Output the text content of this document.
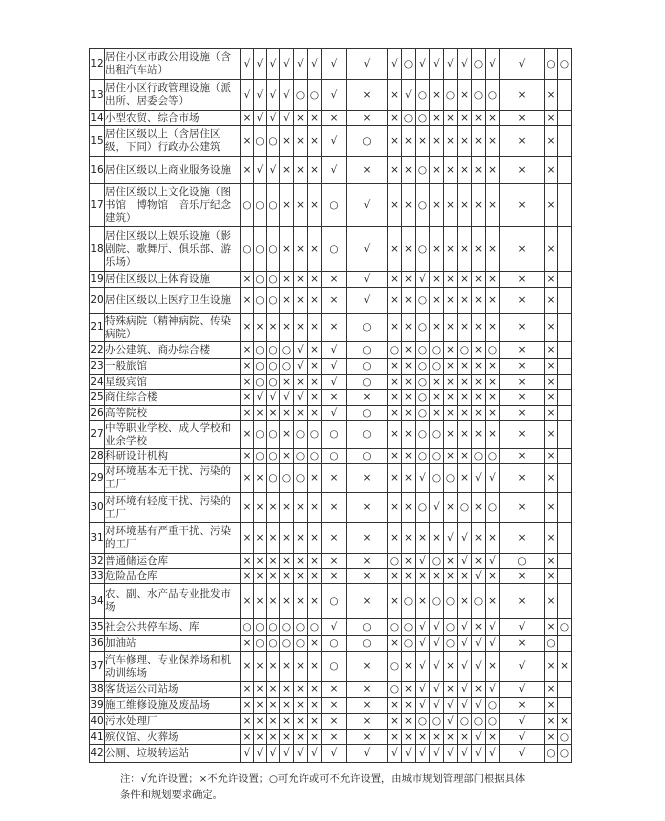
12	居住小区市政公用设施（含出租汽车站）	√	√	√	√	√	√	√	√	√	○	√	√	√	√	○	√	√	○	○
13	居住小区行政管理设施（派出所、居委会等）	√	√	√	√	○	○	√	×	×	√	○	×	○	×	○	○	×	×	
14	小型农贸、综合市场	×	√	√	√	×	×	×	×	×	○	○	×	×	×	×	×	×	×	
15	居住区级以上（含居住区级，下同）行政办公建筑	×	○	○	×	×	×	√	○	×	×	×	×	×	×	×	×	×	×	
16	居住区级以上商业服务设施	×	√	√	×	×	×	√	×	×	×	○	×	×	×	×	×	×	×	
17	居住区级以上文化设施（图书馆　博物馆　音乐厅纪念建筑）	○	○	○	×	×	×	○	√	×	×	○	×	×	×	×	×	×	×	
18	居住区级以上娱乐设施（影剧院、歌舞厅、俱乐部、游乐场）	○	○	○	×	×	×	○	√	×	×	○	×	×	×	×	×	×	×	
19	居住区级以上体育设施	×	○	○	×	×	×	×	√	×	×	√	×	×	×	×	×	×	×	
20	居住区级以上医疗卫生设施	×	○	○	×	×	×	×	√	×	×	○	×	×	×	×	×	×	×	
21	特殊病院（精神病院、传染病院）	×	×	×	×	×	×	×	○	×	×	○	×	×	×	×	×	×	×	
22	办公建筑、商办综合楼	×	○	○	○	√	×	√	○	○	×	○	○	×	○	×	○	×	×	
23	一般旅馆	×	○	○	○	√	×	√	○	×	×	○	○	×	×	×	×	×	×	
24	星级宾馆	×	○	○	×	×	×	√	○	×	×	○	×	×	×	×	×	×	×	
25	商住综合楼	×	√	√	√	√	×	×	×	×	×	○	×	×	×	×	×	×	×	
26	高等院校	×	×	×	×	×	×	√	○	×	×	○	×	×	×	×	×	×	×	
27	中等职业学校、成人学校和业余学校	×	○	○	×	○	○	○	○	×	×	○	○	×	×	×	×	×	×	
28	科研设计机构	×	○	○	×	○	○	○	○	×	×	○	○	×	×	○	○	×	×	
29	对环境基本无干扰、污染的工厂	×	×	○	○	○	×	×	×	×	×	√	○	○	×	√	√	×	×	
30	对环境有轻度干扰、污染的工厂	×	×	×	×	×	×	×	×	×	×	○	√	×	○	×	○	×	×	
31	对环境基有严重干扰、污染的工厂	×	×	×	×	×	×	×	×	×	×	×	×	√	√	×	×	×	×	
32	普通储运仓库	×	×	×	×	×	×	×	×	○	×	√	○	×	√	×	√	○	×	
33	危险品仓库	×	×	×	×	×	×	×	×	×	×	×	×	×	×	√	×	×	×	
34	农、副、水产品专业批发市场	×	×	×	×	×	×	○	×	×	○	×	○	○	×	○	×	×	×	
35	社会公共停车场、库	○	○	○	○	○	○	√	○	○	○	√	√	○	√	×	√	√	×	○
36	加油站	×	○	○	○	○	×	○	○	×	○	√	√	○	√	√	√	×	○	
37	汽车修理、专业保养场和机动训练场	×	×	×	×	×	×	○	×	○	×	√	√	×	√	√	×	√	×	×
38	客货运公司站场	×	×	×	×	×	×	×	×	○	×	√	√	×	√	×	√	√	×	
39	施工维修设施及废品场	×	×	×	×	×	×	×	×	×	×	√	√	√	√	√	○	×	×	
40	污水处理厂	×	×	×	×	×	×	×	×	×	×	○	○	√	○	○	○	√	×	×
41	殡仪馆、火葬场	×	×	×	×	×	×	×	×	×	×	×	×	×	×	√	×	√	×	○
42	公厕、垃圾转运站	√	√	√	√	√	√	√	√	√	√	√	√	√	√	√	√	√	○	○
注：√允许设置；×不允许设置；○可允许或可不允许设置，由城市规划管理部门根据具体
条件和规划要求确定。
